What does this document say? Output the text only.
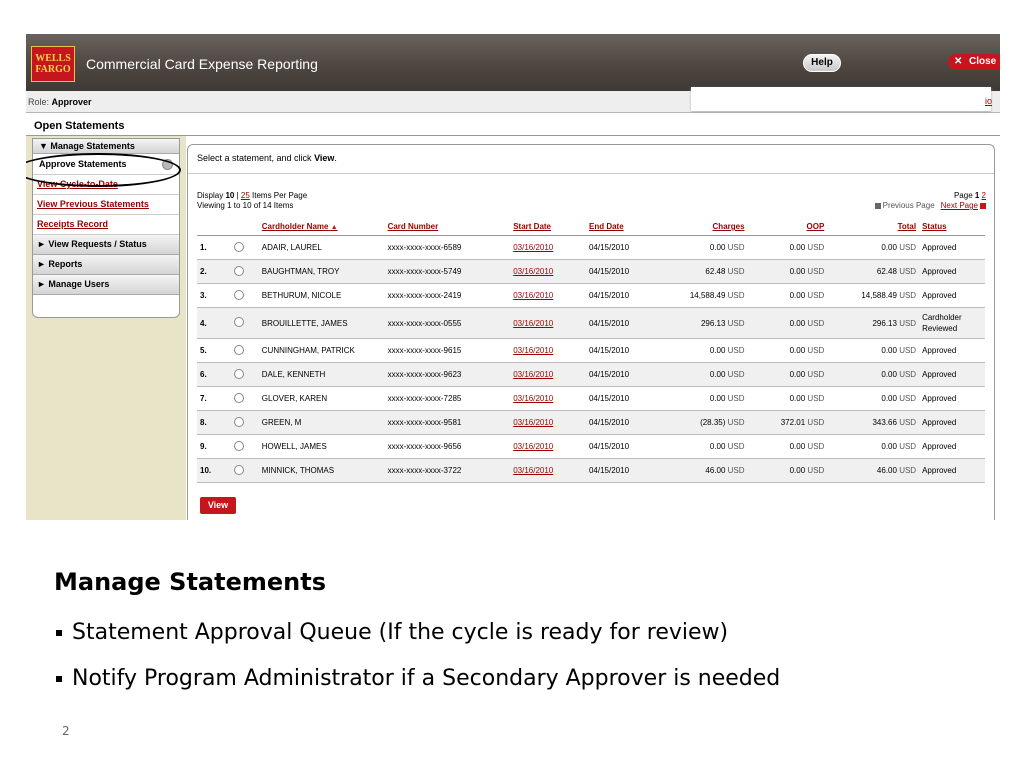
WELLS
FARGO Commercial Card Expense Reporting	Help	✕ Close
Role: Approver	io
Open Statements
▼ Manage Statements
Approve Statements
View Cycle-to-Date
View Previous Statements
Receipts Record
► View Requests / Status
► Reports
► Manage Users
Select a statement, and click View.
Display 10 | 25 Items Per Page
Viewing 1 to 10 of 14 Items
Page 1 2
Previous Page Next Page
		Cardholder Name ▲	Card Number	Start Date	End Date	Charges	OOP	Total	Status
1.		ADAIR, LAUREL	xxxx-xxxx-xxxx-6589	03/16/2010	04/15/2010	0.00 USD	0.00 USD	0.00 USD	Approved
2.		BAUGHTMAN, TROY	xxxx-xxxx-xxxx-5749	03/16/2010	04/15/2010	62.48 USD	0.00 USD	62.48 USD	Approved
3.		BETHURUM, NICOLE	xxxx-xxxx-xxxx-2419	03/16/2010	04/15/2010	14,588.49 USD	0.00 USD	14,588.49 USD	Approved
4.		BROUILLETTE, JAMES	xxxx-xxxx-xxxx-0555	03/16/2010	04/15/2010	296.13 USD	0.00 USD	296.13 USD	Cardholder Reviewed
5.		CUNNINGHAM, PATRICK	xxxx-xxxx-xxxx-9615	03/16/2010	04/15/2010	0.00 USD	0.00 USD	0.00 USD	Approved
6.		DALE, KENNETH	xxxx-xxxx-xxxx-9623	03/16/2010	04/15/2010	0.00 USD	0.00 USD	0.00 USD	Approved
7.		GLOVER, KAREN	xxxx-xxxx-xxxx-7285	03/16/2010	04/15/2010	0.00 USD	0.00 USD	0.00 USD	Approved
8.		GREEN, M	xxxx-xxxx-xxxx-9581	03/16/2010	04/15/2010	(28.35) USD	372.01 USD	343.66 USD	Approved
9.		HOWELL, JAMES	xxxx-xxxx-xxxx-9656	03/16/2010	04/15/2010	0.00 USD	0.00 USD	0.00 USD	Approved
10.		MINNICK, THOMAS	xxxx-xxxx-xxxx-3722	03/16/2010	04/15/2010	46.00 USD	0.00 USD	46.00 USD	Approved
View
Manage Statements
Statement Approval Queue (If the cycle is ready for review)
Notify Program Administrator if a Secondary Approver is needed
2
